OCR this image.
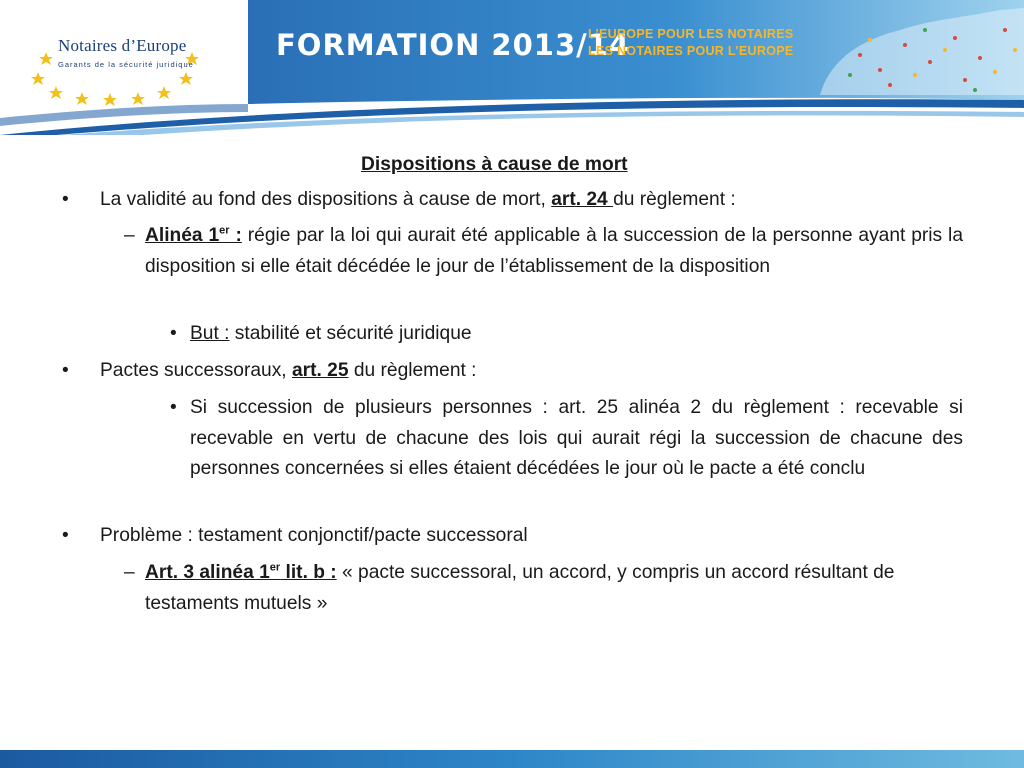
Notaires d’Europe
Garants de la sécurité juridique
FORMATION 2013/14
L’EUROPE POUR LES NOTAIRES
LES NOTAIRES POUR L’EUROPE
Dispositions à cause de mort
• La validité au fond des dispositions à cause de mort, art. 24 du règlement :
– Alinéa 1er : régie par la loi qui aurait été applicable à la succession de la personne ayant pris la disposition si elle était décédée le jour de l’établissement de la disposition
• But : stabilité et sécurité juridique
• Pactes successoraux, art. 25 du règlement :
• Si succession de plusieurs personnes : art. 25 alinéa 2 du règlement : recevable si recevable en vertu de chacune des lois qui aurait régi la succession de chacune des personnes concernées si elles étaient décédées le jour où le pacte a été conclu
• Problème : testament conjonctif/pacte successoral
– Art. 3 alinéa 1er lit. b : « pacte successoral, un accord, y compris un accord résultant de testaments mutuels »
